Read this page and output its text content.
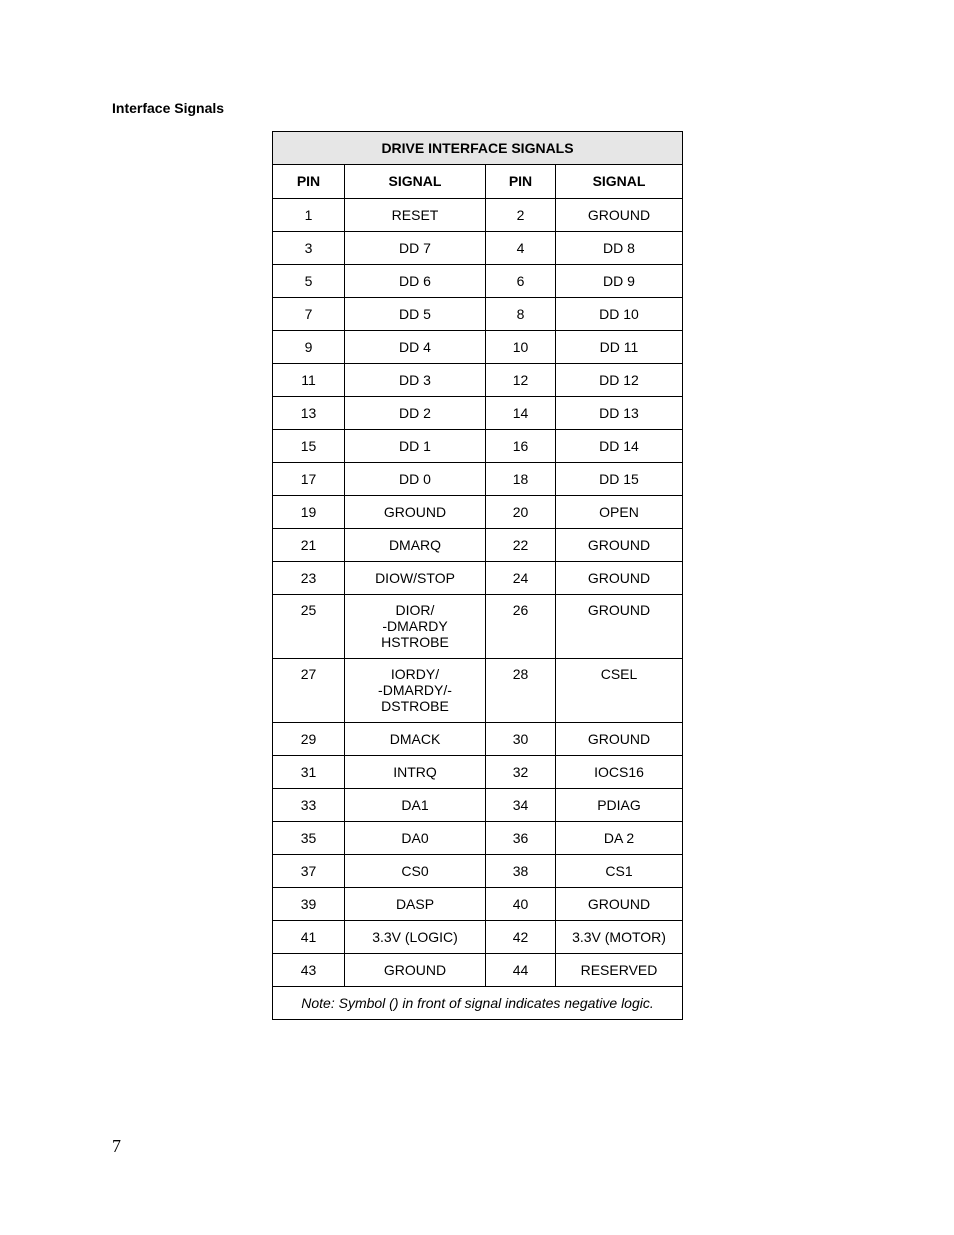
Interface Signals
DRIVE INTERFACE SIGNALS			
PIN	SIGNAL	PIN	SIGNAL
1	RESET	2	GROUND

3	DD 7	4	DD 8

5	DD 6	6	DD 9

7	DD 5	8	DD 10

9	DD 4	10	DD 11

11	DD 3	12	DD 12

13	DD 2	14	DD 13

15	DD 1	16	DD 14

17	DD 0	18	DD 15

19	GROUND	20	OPEN

21	DMARQ	22	GROUND

23	DIOW/STOP	24	GROUND

25	DIOR/
-DMARDY
HSTROBE	26	GROUND

27	IORDY/
-DMARDY/-
DSTROBE	28	CSEL

29	DMACK	30	GROUND

31	INTRQ	32	IOCS16

33	DA1	34	PDIAG

35	DA0	36	DA 2

37	CS0	38	CS1

39	DASP	40	GROUND

41	3.3V (LOGIC)	42	3.3V (MOTOR)

43	GROUND	44	RESERVED

Note: Symbol () in front of signal indicates negative logic.			

7
